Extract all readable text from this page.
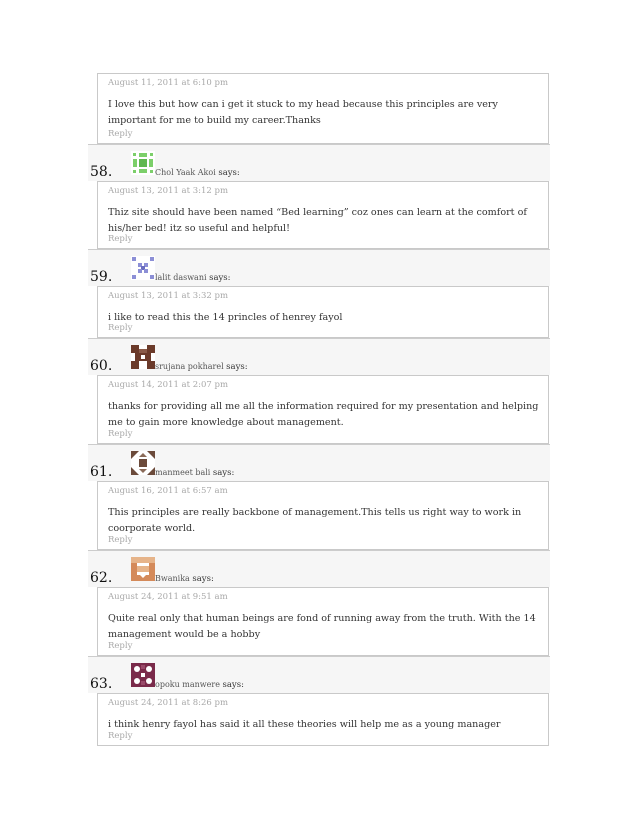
August 11, 2011 at 6:10 pm
I love this but how can i get it stuck to my head because this principles are very important for me to build my career.Thanks
Reply
58.	Chol Yaak Akoi says:
August 13, 2011 at 3:12 pm
Thiz site should have been named “Bed learning” coz ones can learn at the comfort of his/her bed! itz so useful and helpful!
Reply
59.	lalit daswani says:
August 13, 2011 at 3:32 pm
i like to read this the 14 princles of henrey fayol
Reply
60.	srujana pokharel says:
August 14, 2011 at 2:07 pm
thanks for providing all me all the information required for my presentation and helping me to gain more knowledge about management.
Reply
61.	manmeet bali says:
August 16, 2011 at 6:57 am
This principles are really backbone of management.This tells us right way to work in coorporate world.
Reply
62.	Bwanika says:
August 24, 2011 at 9:51 am
Quite real only that human beings are fond of running away from the truth. With the 14 management would be a hobby
Reply
63.	opoku manwere says:
August 24, 2011 at 8:26 pm
i think henry fayol has said it all these theories will help me as a young manager
Reply
